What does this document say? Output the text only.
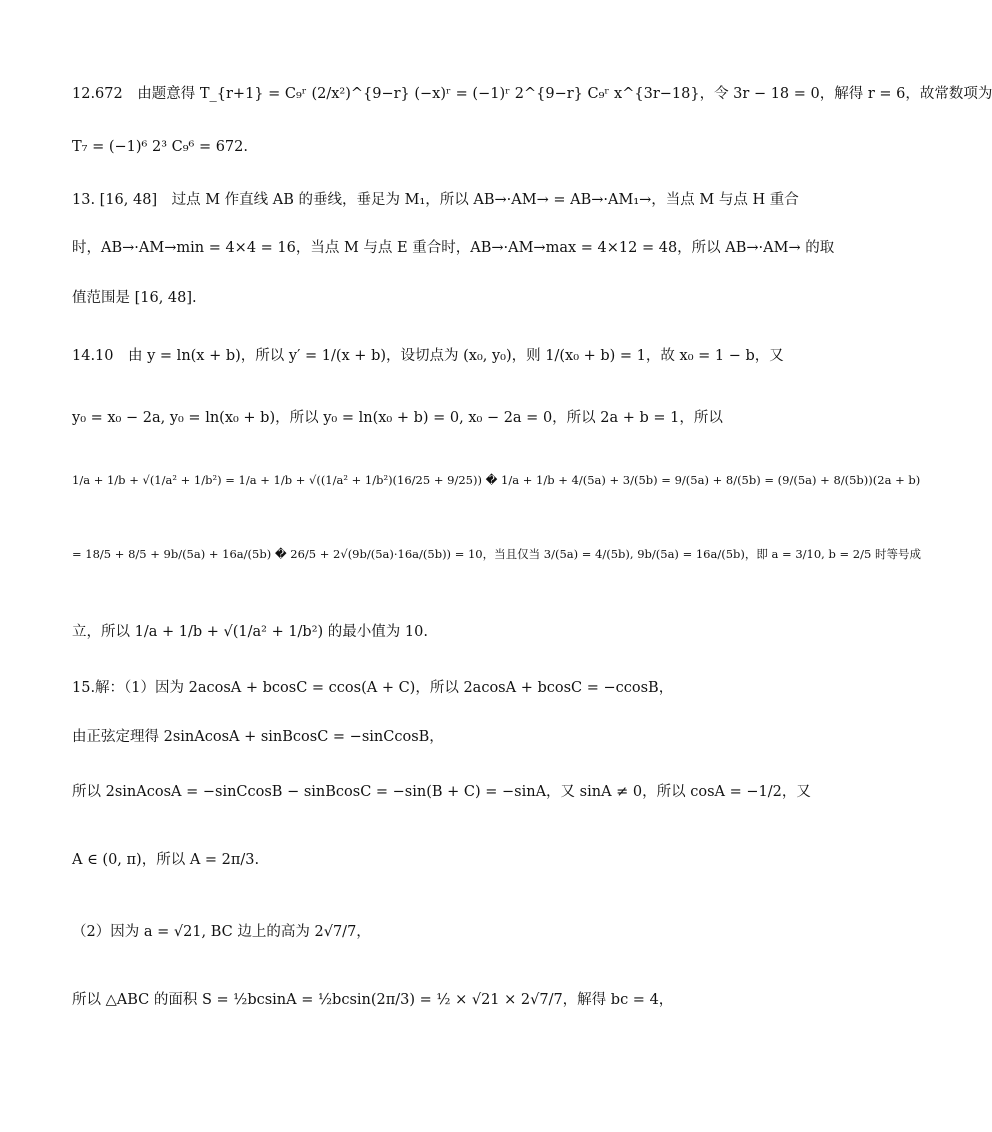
12.672　由题意得 T_{r+1} = C₉ʳ (2/x²)^{9−r} (−x)ʳ = (−1)ʳ 2^{9−r} C₉ʳ x^{3r−18}，令 3r − 18 = 0，解得 r = 6，故常数项为
T₇ = (−1)⁶ 2³ C₉⁶ = 672.
13. [16, 48]　过点 M 作直线 AB 的垂线，垂足为 M₁，所以 AB→·AM→ = AB→·AM₁→，当点 M 与点 H 重合
时，AB→·AM→min = 4×4 = 16，当点 M 与点 E 重合时，AB→·AM→max = 4×12 = 48，所以 AB→·AM→ 的取
值范围是 [16, 48].
14.10　由 y = ln(x + b)，所以 y′ = 1/(x + b)，设切点为 (x₀, y₀)，则 1/(x₀ + b) = 1，故 x₀ = 1 − b，又
y₀ = x₀ − 2a, y₀ = ln(x₀ + b)，所以 y₀ = ln(x₀ + b) = 0, x₀ − 2a = 0，所以 2a + b = 1，所以
1/a + 1/b + √(1/a² + 1/b²) = 1/a + 1/b + √((1/a² + 1/b²)(16/25 + 9/25)) � 1/a + 1/b + 4/(5a) + 3/(5b) = 9/(5a) + 8/(5b) = (9/(5a) + 8/(5b))(2a + b)
= 18/5 + 8/5 + 9b/(5a) + 16a/(5b) � 26/5 + 2√(9b/(5a)·16a/(5b)) = 10，当且仅当 3/(5a) = 4/(5b), 9b/(5a) = 16a/(5b)，即 a = 3/10, b = 2/5 时等号成
立，所以 1/a + 1/b + √(1/a² + 1/b²) 的最小值为 10.
15.解：（1）因为 2acosA + bcosC = ccos(A + C)，所以 2acosA + bcosC = −ccosB，
由正弦定理得 2sinAcosA + sinBcosC = −sinCcosB，
所以 2sinAcosA = −sinCcosB − sinBcosC = −sin(B + C) = −sinA，又 sinA ≠ 0，所以 cosA = −1/2，又
A ∈ (0, π)，所以 A = 2π/3.
（2）因为 a = √21, BC 边上的高为 2√7/7，
所以 △ABC 的面积 S = ½bcsinA = ½bcsin(2π/3) = ½ × √21 × 2√7/7，解得 bc = 4，
